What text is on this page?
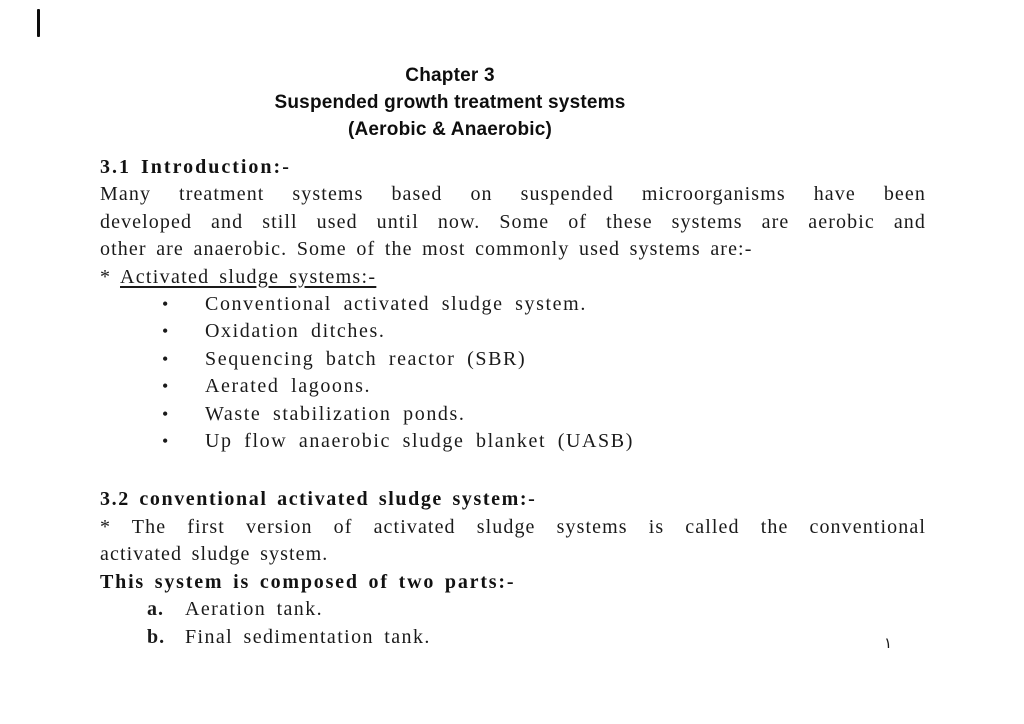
Chapter 3
Suspended growth treatment systems
(Aerobic & Anaerobic)
3.1 Introduction:-
Many treatment systems based on suspended microorganisms have been
developed and still used until now. Some of these systems are aerobic and
other are anaerobic. Some of the most commonly used systems are:-
* Activated sludge systems:-
•	Conventional activated sludge system.
•	Oxidation ditches.
•	Sequencing batch reactor (SBR)
•	Aerated lagoons.
•	Waste stabilization ponds.
•	Up flow anaerobic sludge blanket (UASB)
3.2 conventional activated sludge system:-
* The first version of activated sludge systems is called the conventional
activated sludge system.
This system is composed of two parts:-
a.	Aeration tank.
b. Final sedimentation tank.	١
